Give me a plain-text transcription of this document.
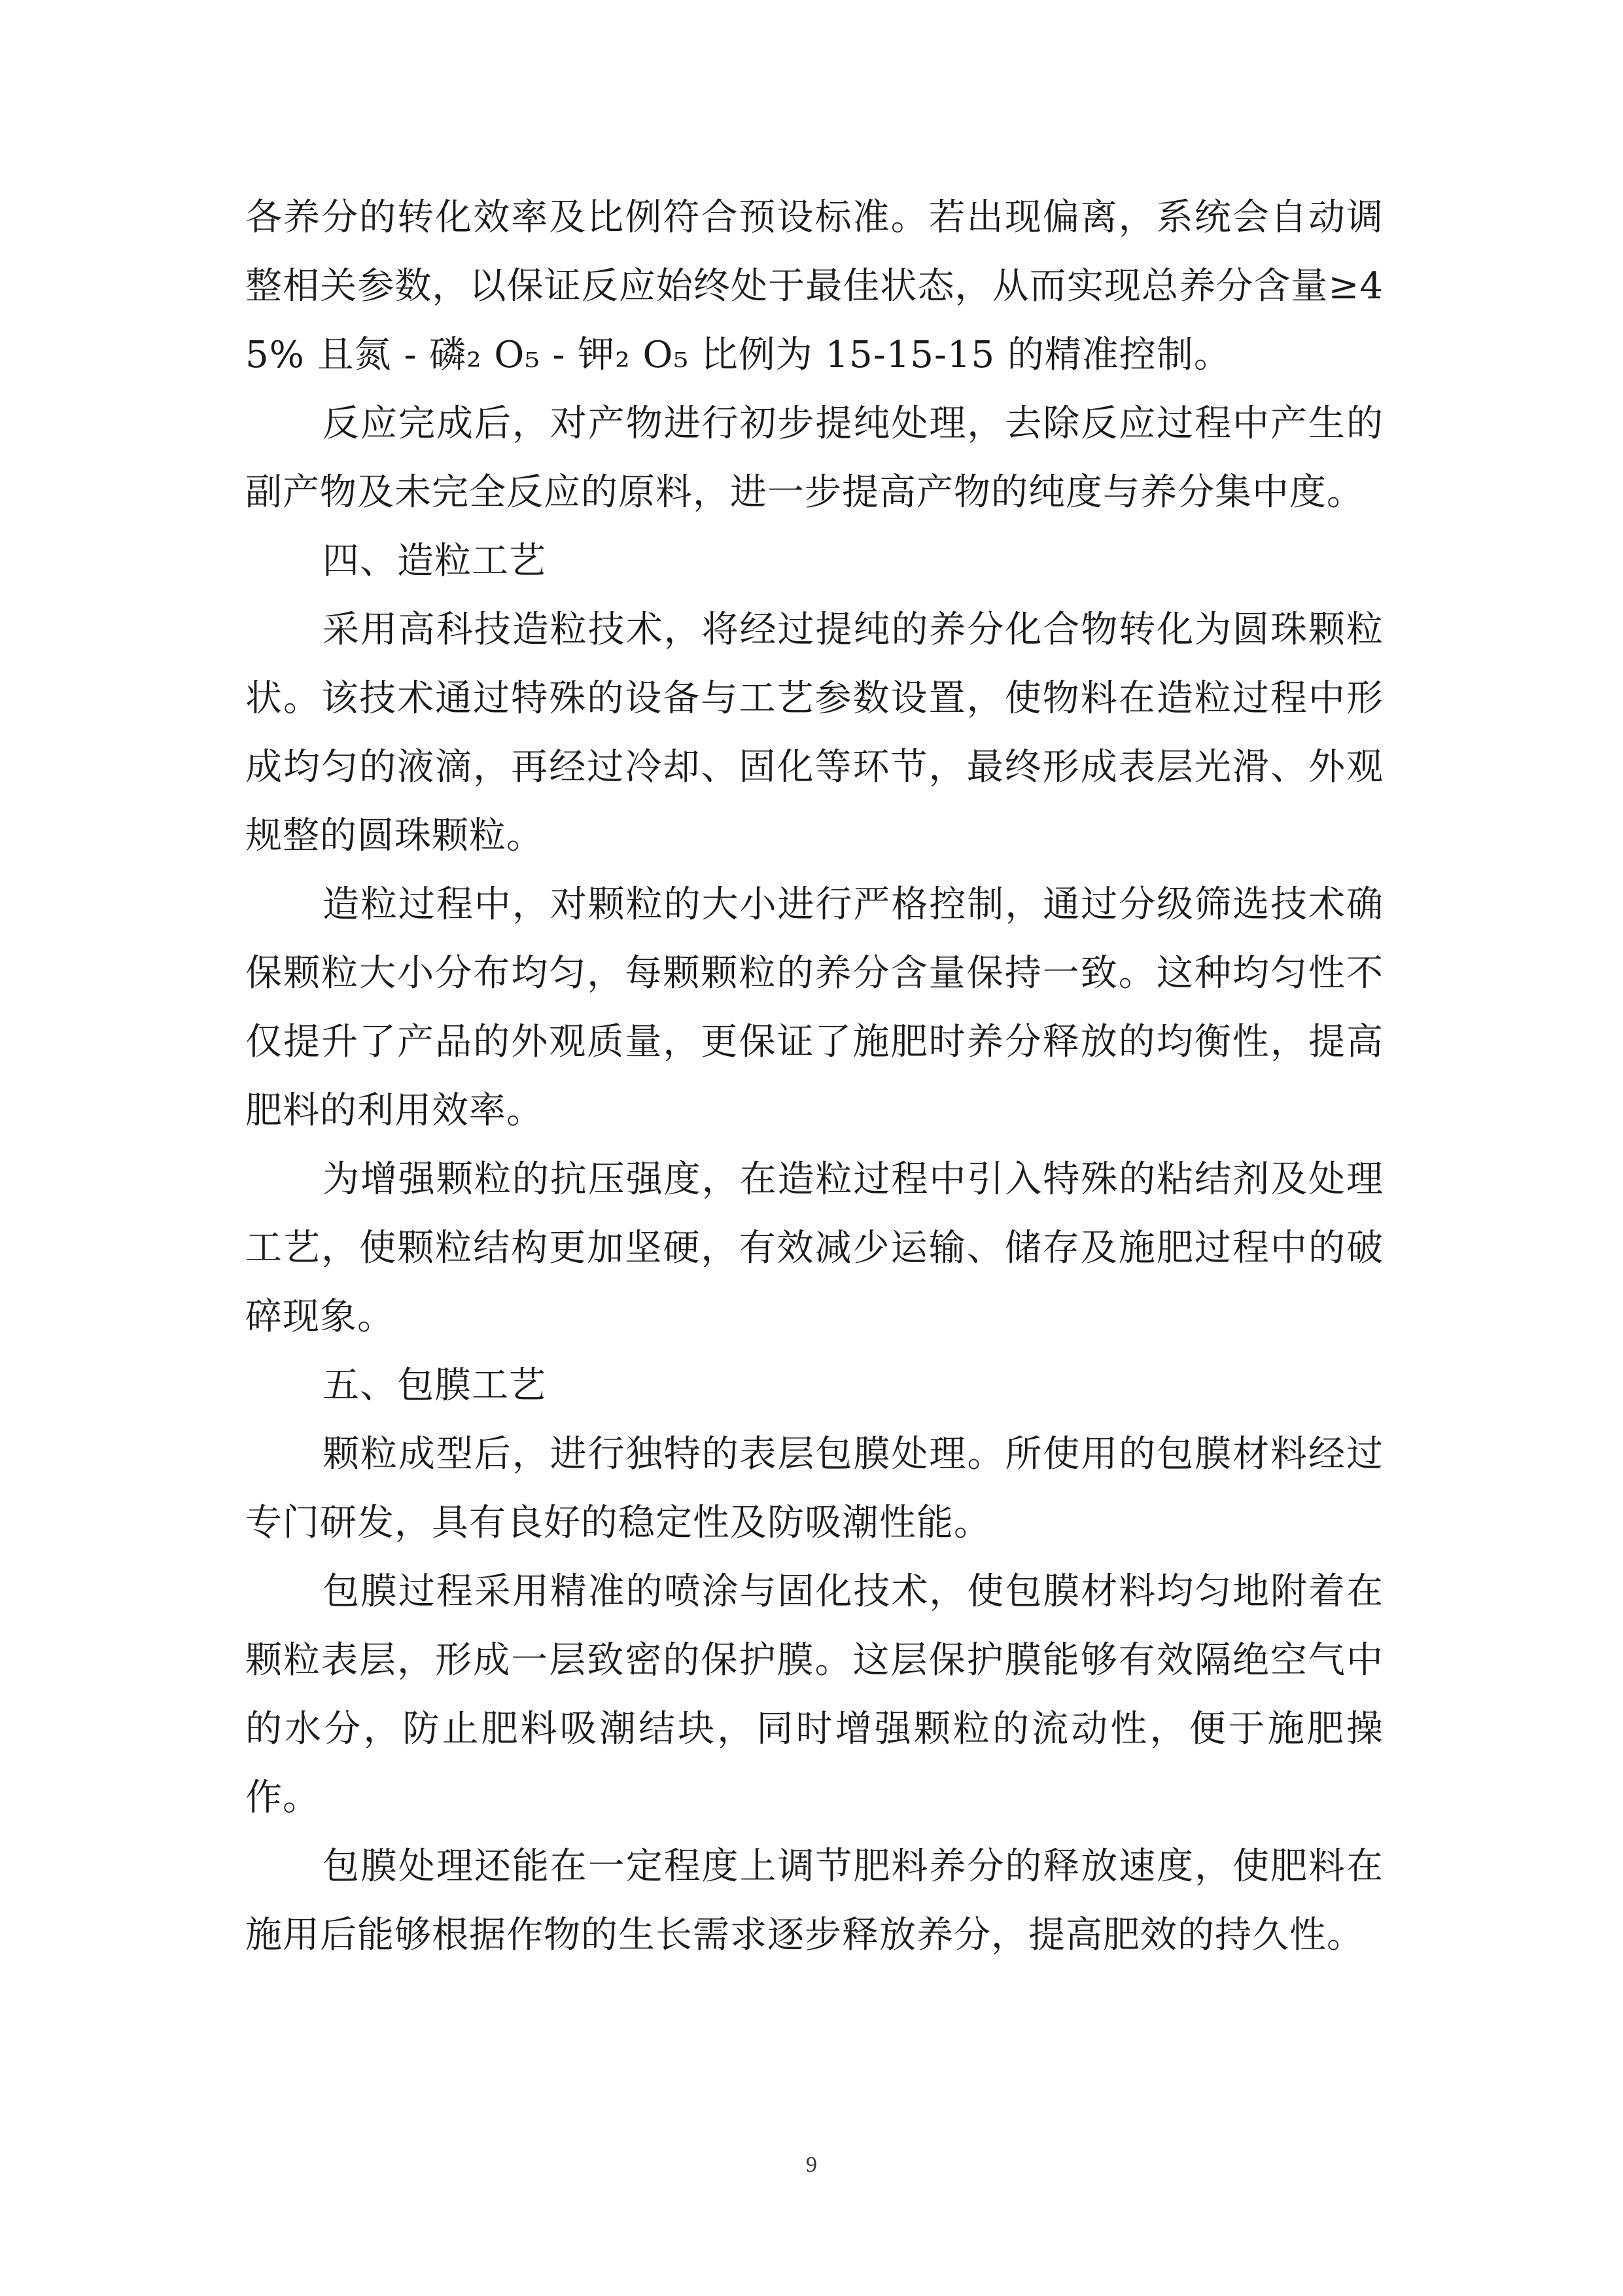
各养分的转化效率及比例符合预设标准。若出现偏离，系统会自动调整相关参数，以保证反应始终处于最佳状态，从而实现总养分含量≥45% 且氮 - 磷₂ O₅ - 钾₂ O₅ 比例为 15-15-15 的精准控制。

反应完成后，对产物进行初步提纯处理，去除反应过程中产生的副产物及未完全反应的原料，进一步提高产物的纯度与养分集中度。

四、造粒工艺

采用高科技造粒技术，将经过提纯的养分化合物转化为圆珠颗粒状。该技术通过特殊的设备与工艺参数设置，使物料在造粒过程中形成均匀的液滴，再经过冷却、固化等环节，最终形成表层光滑、外观规整的圆珠颗粒。

造粒过程中，对颗粒的大小进行严格控制，通过分级筛选技术确保颗粒大小分布均匀，每颗颗粒的养分含量保持一致。这种均匀性不仅提升了产品的外观质量，更保证了施肥时养分释放的均衡性，提高肥料的利用效率。

为增强颗粒的抗压强度，在造粒过程中引入特殊的粘结剂及处理工艺，使颗粒结构更加坚硬，有效减少运输、储存及施肥过程中的破碎现象。

五、包膜工艺

颗粒成型后，进行独特的表层包膜处理。所使用的包膜材料经过专门研发，具有良好的稳定性及防吸潮性能。

包膜过程采用精准的喷涂与固化技术，使包膜材料均匀地附着在颗粒表层，形成一层致密的保护膜。这层保护膜能够有效隔绝空气中的水分，防止肥料吸潮结块，同时增强颗粒的流动性，便于施肥操作。

包膜处理还能在一定程度上调节肥料养分的释放速度，使肥料在施用后能够根据作物的生长需求逐步释放养分，提高肥效的持久性。

9
